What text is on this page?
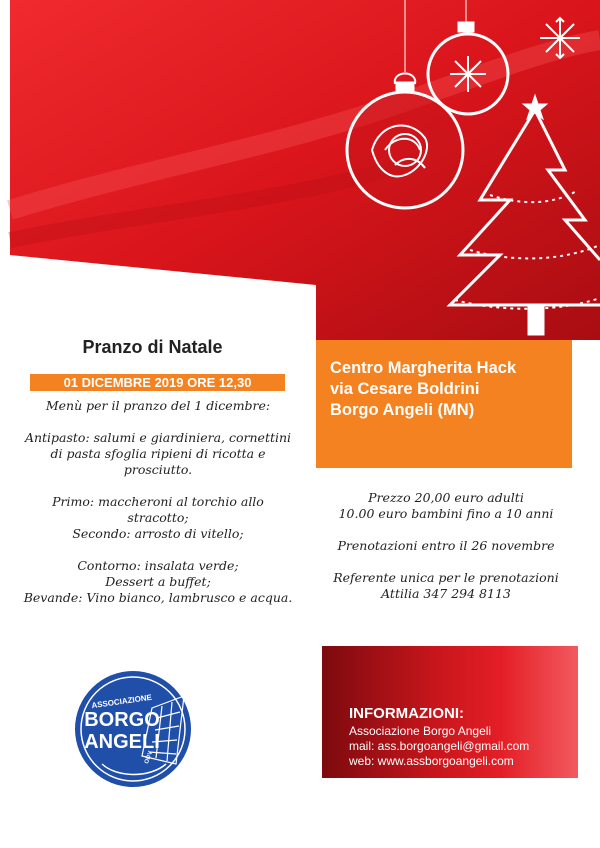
Pranzo di Natale
01 DICEMBRE 2019 ORE 12,30

Menù per il pranzo del 1 dicembre:

Antipasto: salumi e giardiniera, cornettini
di pasta sfoglia ripieni di ricotta e
prosciutto.

Primo: maccheroni al torchio allo
stracotto;
Secondo: arrosto di vitello;

Contorno: insalata verde;
Dessert a buffet;
Bevande: Vino bianco, lambrusco e acqua.

Centro Margherita Hack
via Cesare Boldrini
Borgo Angeli (MN)

Prezzo 20,00 euro adulti
10.00 euro bambini fino a 10 anni

Prenotazioni entro il 26 novembre

Referente unica per le prenotazioni
Attilia 347 294 8113

ASSOCIAZIONE
BORGO
ANGELI
ODV
INFORMAZIONI:
Associazione Borgo Angeli
mail: ass.borgoangeli@gmail.com
web: www.assborgoangeli.com
